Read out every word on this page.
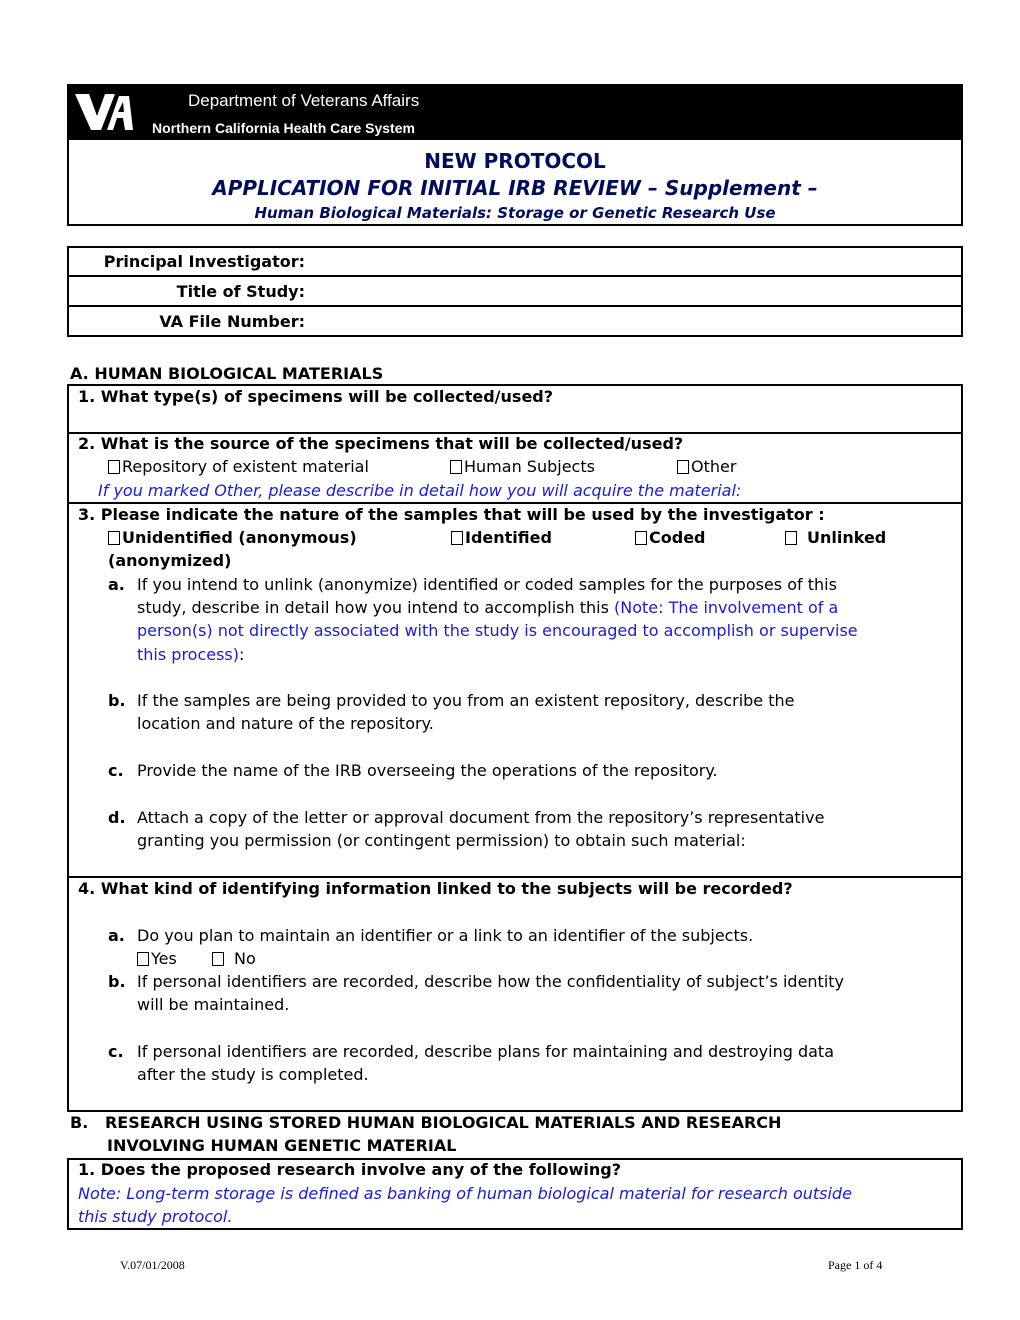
Department of Veterans Affairs
Northern California Health Care System
NEW PROTOCOL
APPLICATION FOR INITIAL IRB REVIEW – Supplement –
Human Biological Materials: Storage or Genetic Research Use
Principal Investigator:
Title of Study:
VA File Number:
A. HUMAN BIOLOGICAL MATERIALS
1. What type(s) of specimens will be collected/used?
2. What is the source of the specimens that will be collected/used?
Repository of existent material	Human Subjects	Other
If you marked Other, please describe in detail how you will acquire the material:
3. Please indicate the nature of the samples that will be used by the investigator :
Unidentified (anonymous)	Identified	Coded	Unlinked
(anonymized)
a. If you intend to unlink (anonymize) identified or coded samples for the purposes of this
study, describe in detail how you intend to accomplish this (Note: The involvement of a
person(s) not directly associated with the study is encouraged to accomplish or supervise
this process):
b. If the samples are being provided to you from an existent repository, describe the
location and nature of the repository.
c. Provide the name of the IRB overseeing the operations of the repository.
d. Attach a copy of the letter or approval document from the repository’s representative
granting you permission (or contingent permission) to obtain such material:
4. What kind of identifying information linked to the subjects will be recorded?
a. Do you plan to maintain an identifier or a link to an identifier of the subjects.
Yes	No
b. If personal identifiers are recorded, describe how the confidentiality of subject’s identity
will be maintained.
c. If personal identifiers are recorded, describe plans for maintaining and destroying data
after the study is completed.
B.   RESEARCH USING STORED HUMAN BIOLOGICAL MATERIALS AND RESEARCH
INVOLVING HUMAN GENETIC MATERIAL
1. Does the proposed research involve any of the following?
Note: Long-term storage is defined as banking of human biological material for research outside
this study protocol.
V.07/01/2008	Page 1 of 4
